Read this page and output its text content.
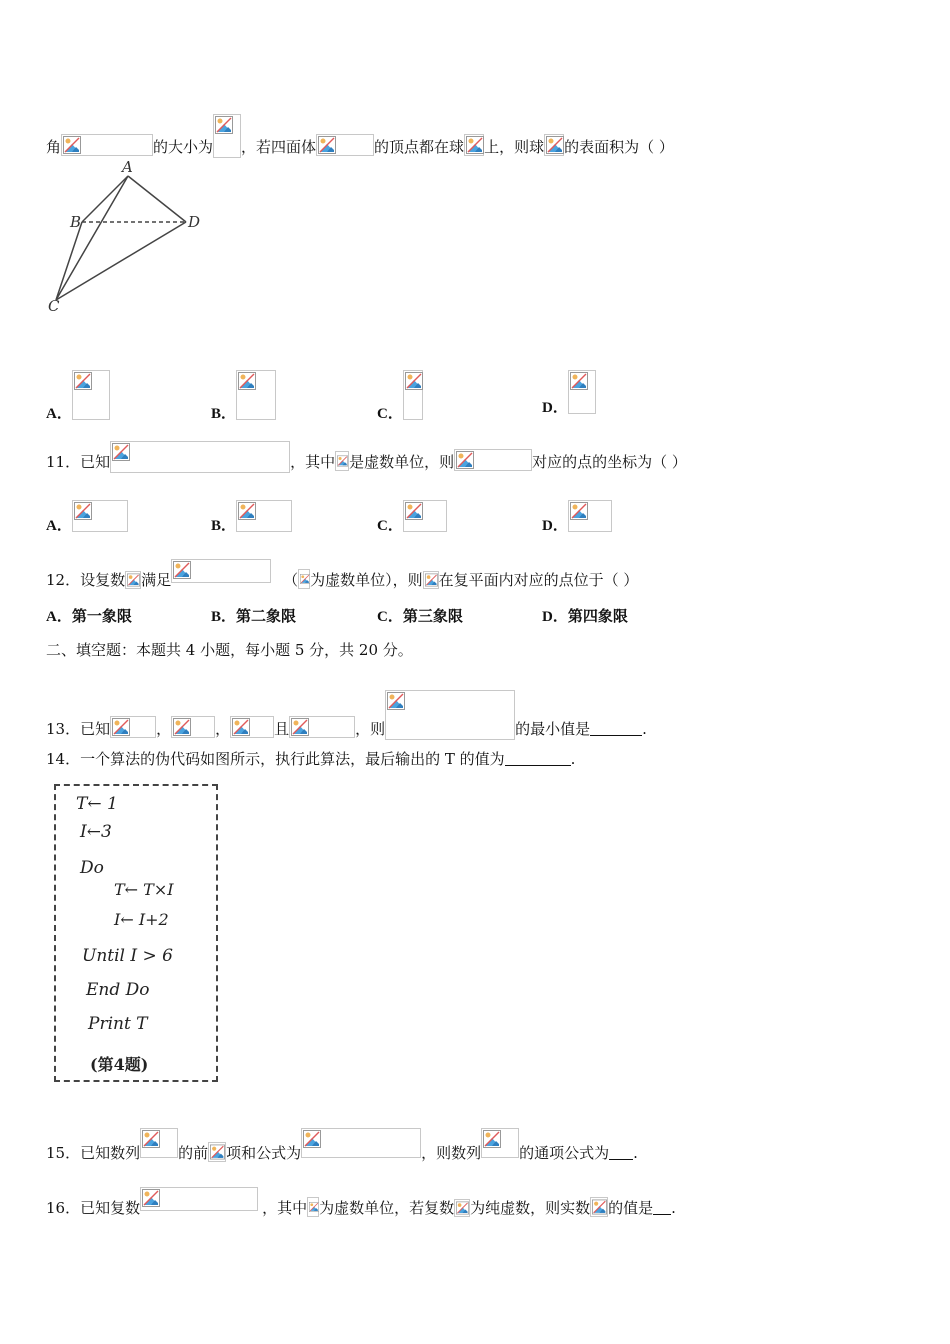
角	的大小为 ，若四面体	的顶点都在球 上，则球 的表面积为（ ）
A
B	D
C
A．	B．	C．	D．
11．已知	，其中 是虚数单位，则	对应的点的坐标为（ ）
A．	B．	C．	D．
12．设复数 满足	（ 为虚数单位），则 在复平面内对应的点位于（ ）
A．第一象限	B．第二象限	C．第三象限	D．第四象限
二、填空题：本题共 4 小题，每小题 5 分，共 20 分。
13．已知	，	，	且	，则	的最小值是	.
14．一个算法的伪代码如图所示，执行此算法，最后输出的 T 的值为	.
T← 1
I←3
Do
T← T×I
I← I+2
Until I > 6
End Do
Print T
(第4题)
15．已知数列	的前 项和公式为	，则数列	的通项公式为 .
16．已知复数	，其中 为虚数单位，若复数 为纯虚数，则实数 的值是 .
